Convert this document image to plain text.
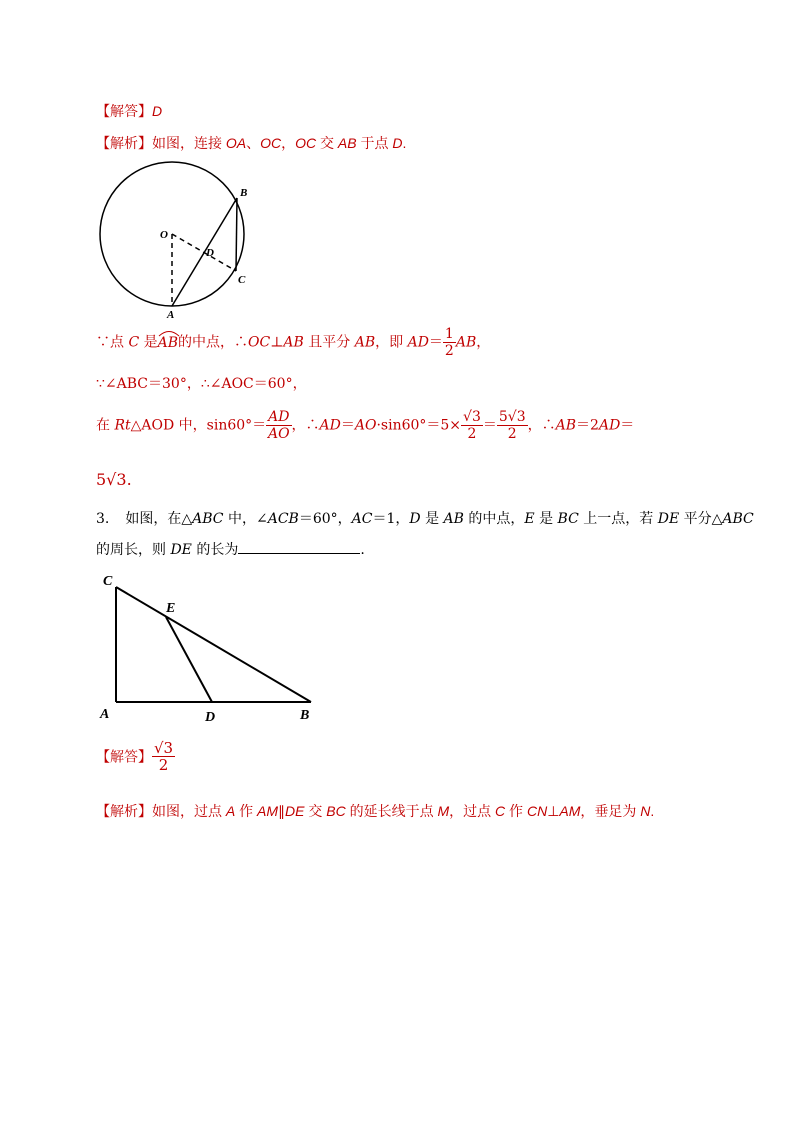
【解答】D
【解析】如图，连接 OA、OC，OC 交 AB 于点 D.
O
B
D
C
A
∵点 C 是
AB的中点，∴OC⊥AB 且平分 AB，即 $AD= \frac{1}{2}$ AB，
∵∠ABC＝30°，∴∠AOC＝60°，
在 Rt△AOD 中，$\sin 60^\circ= \frac{AD}{AO}$ ，∴AD＝AO·sin60°＝5× $\frac{√3}{2} = \frac{5√3}{2}$ ，∴AB＝2AD＝
5√3.
3. 如图，在△ABC 中，∠ACB＝60°，AC＝1，D 是 AB 的中点，E 是 BC 上一点，若 DE 平分△ABC
的周长，则 DE 的长为	.
C
E
A	D	B
【解答】 $\frac{√3}{2}$
【解析】如图，过点 A 作 AM∥DE 交 BC 的延长线于点 M，过点 C 作 CN⊥AM，垂足为 N.
